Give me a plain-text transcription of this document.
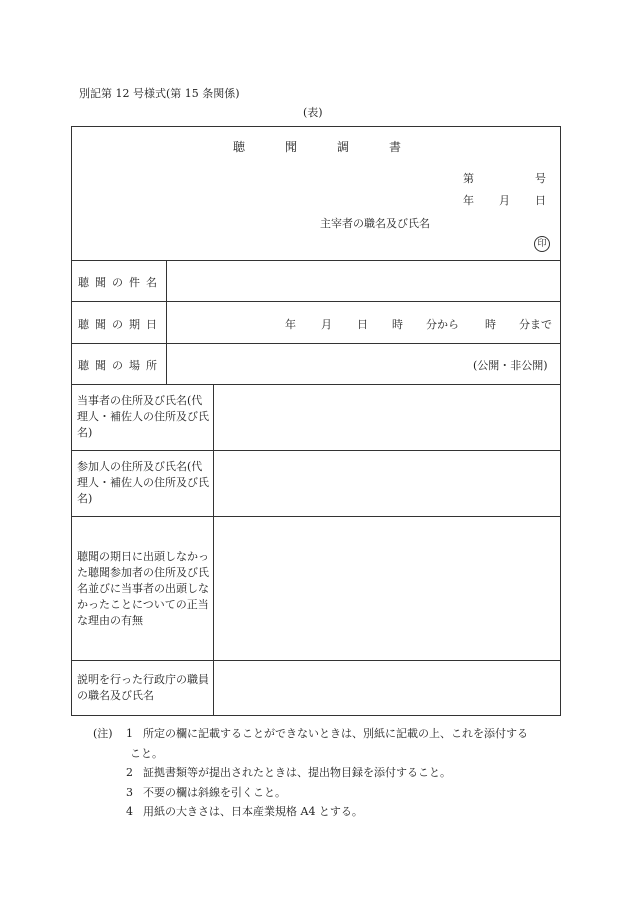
別記第 12 号様式(第 15 条関係)
(表)
聴聞調書
第	号
年 月 日
主宰者の職名及び氏名
印
聴聞の件名
聴聞の期日
聴聞の場所
年 月 日 時 分から 時 分まで
(公開・非公開)
当事者の住所及び氏名(代理人・補佐人の住所及び氏名)
参加人の住所及び氏名(代理人・補佐人の住所及び氏名)
聴聞の期日に出頭しなかった聴聞参加者の住所及び氏名並びに当事者の出頭しなかったことについての正当な理由の有無
説明を行った行政庁の職員の職名及び氏名
(注) 1 所定の欄に記載することができないときは、別紙に記載の上、これを添付する
こと。
2 証拠書類等が提出されたときは、提出物目録を添付すること。
3 不要の欄は斜線を引くこと。
4 用紙の大きさは、日本産業規格 A4 とする。
